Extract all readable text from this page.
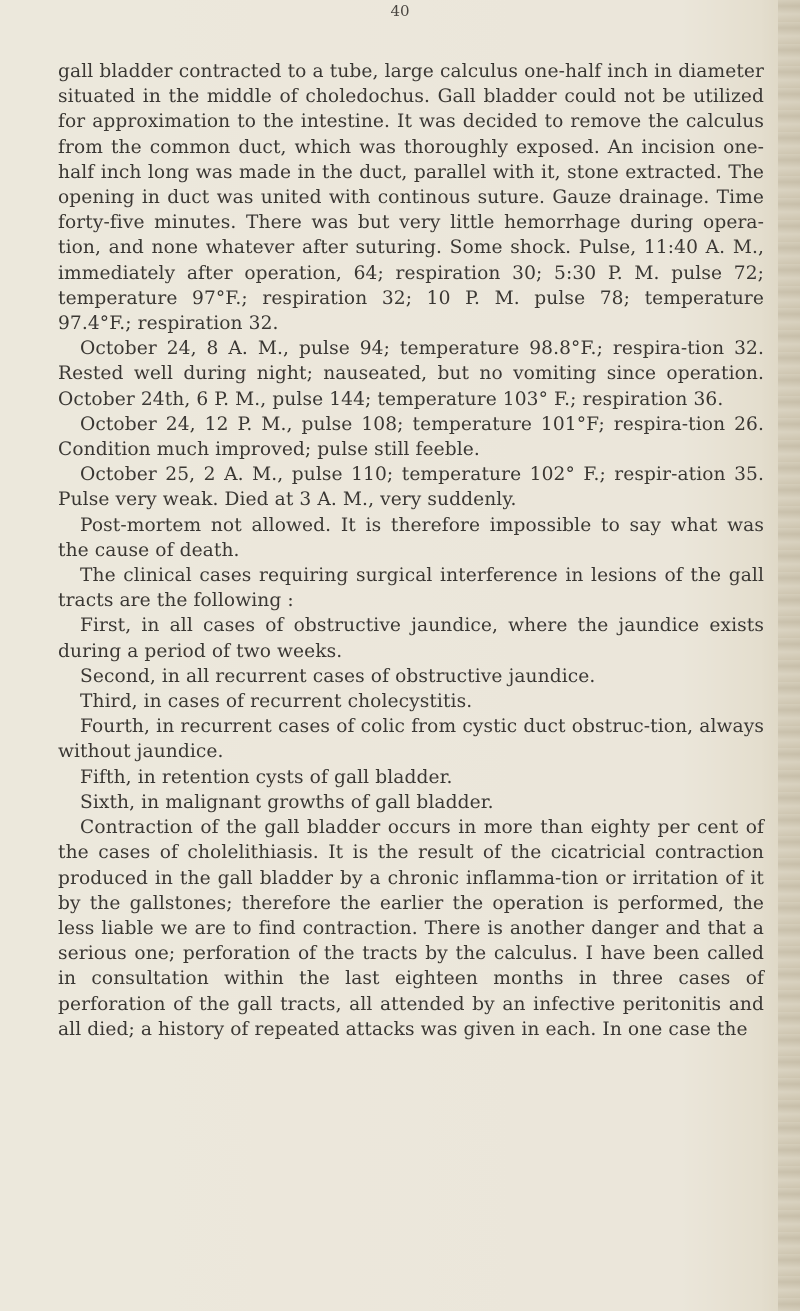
40

gall bladder contracted to a tube, large calculus one-half inch in diameter situated in the middle of choledochus. Gall bladder could not be utilized for approximation to the intestine. It was decided to remove the calculus from the common duct, which was thoroughly exposed. An incision one-half inch long was made in the duct, parallel with it, stone extracted. The opening in duct was united with continous suture. Gauze drainage. Time forty-five minutes. There was but very little hemorrhage during opera-tion, and none whatever after suturing. Some shock. Pulse, 11:40 A. M., immediately after operation, 64; respiration 30; 5:30 P. M. pulse 72; temperature 97°F.; respiration 32; 10 P. M. pulse 78; temperature 97.4°F.; respiration 32.

October 24, 8 A. M., pulse 94; temperature 98.8°F.; respira-tion 32. Rested well during night; nauseated, but no vomiting since operation. October 24th, 6 P. M., pulse 144; temperature 103° F.; respiration 36.

October 24, 12 P. M., pulse 108; temperature 101°F; respira-tion 26. Condition much improved; pulse still feeble.

October 25, 2 A. M., pulse 110; temperature 102° F.; respir-ation 35. Pulse very weak. Died at 3 A. M., very suddenly.

Post-mortem not allowed. It is therefore impossible to say what was the cause of death.

The clinical cases requiring surgical interference in lesions of the gall tracts are the following :

First, in all cases of obstructive jaundice, where the jaundice exists during a period of two weeks.

Second, in all recurrent cases of obstructive jaundice.

Third, in cases of recurrent cholecystitis.

Fourth, in recurrent cases of colic from cystic duct obstruc-tion, always without jaundice.

Fifth, in retention cysts of gall bladder.

Sixth, in malignant growths of gall bladder.

Contraction of the gall bladder occurs in more than eighty per cent of the cases of cholelithiasis. It is the result of the cicatricial contraction produced in the gall bladder by a chronic inflamma-tion or irritation of it by the gallstones; therefore the earlier the operation is performed, the less liable we are to find contraction. There is another danger and that a serious one; perforation of the tracts by the calculus. I have been called in consultation within the last eighteen months in three cases of perforation of the gall tracts, all attended by an infective peritonitis and all died; a history of repeated attacks was given in each. In one case the
